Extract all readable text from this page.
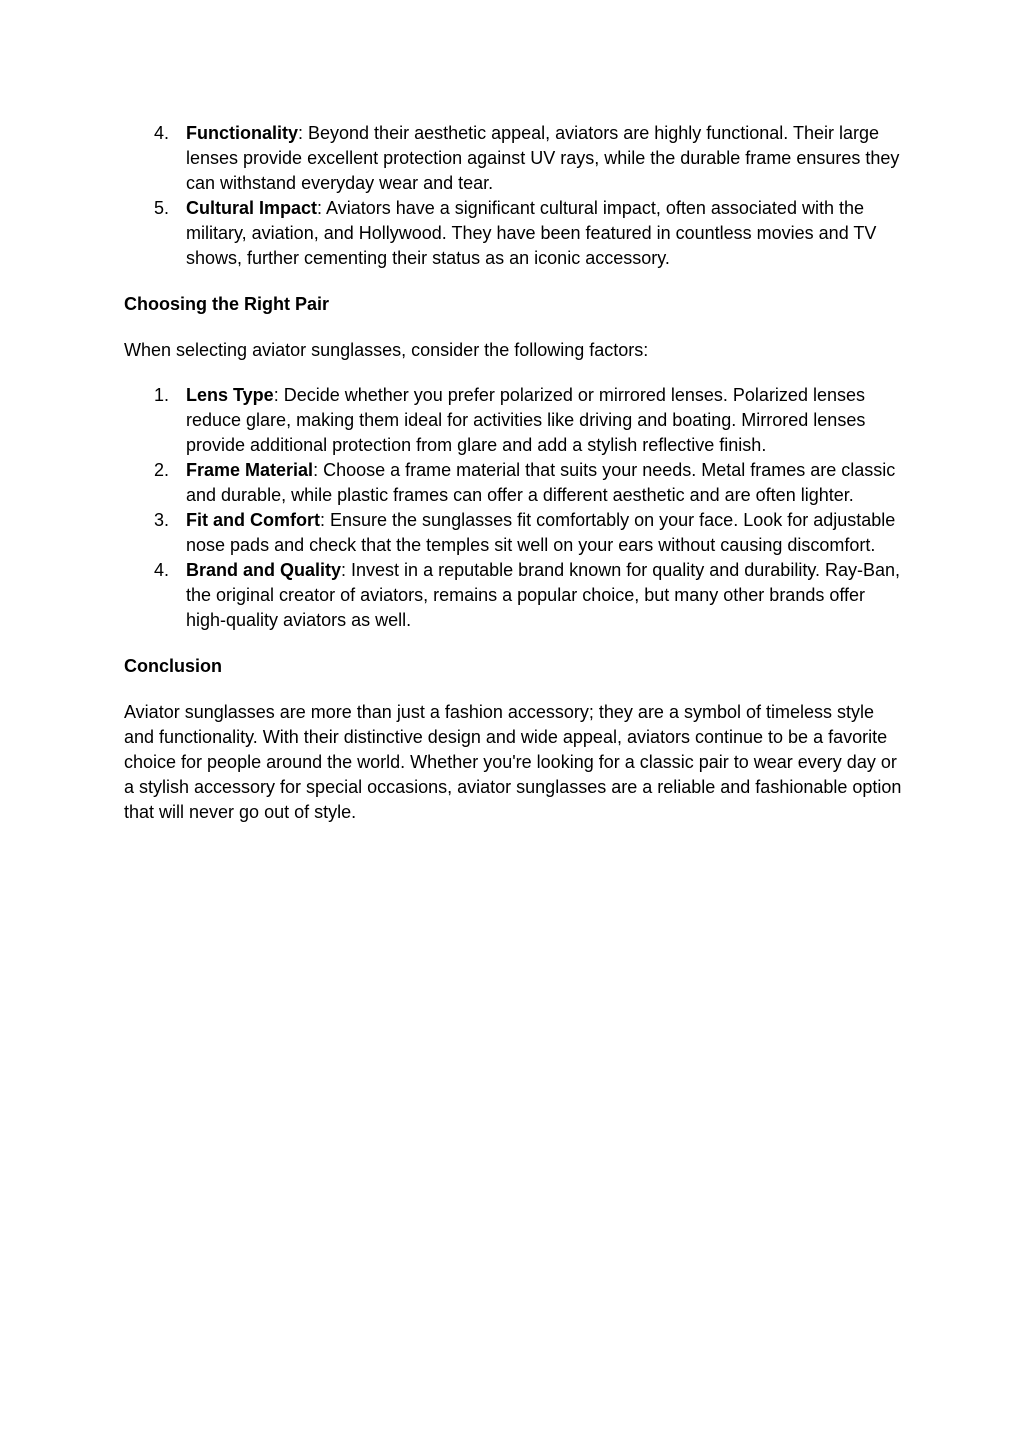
4. Functionality: Beyond their aesthetic appeal, aviators are highly functional. Their large lenses provide excellent protection against UV rays, while the durable frame ensures they can withstand everyday wear and tear.
5. Cultural Impact: Aviators have a significant cultural impact, often associated with the military, aviation, and Hollywood. They have been featured in countless movies and TV shows, further cementing their status as an iconic accessory.
Choosing the Right Pair

When selecting aviator sunglasses, consider the following factors:

1. Lens Type: Decide whether you prefer polarized or mirrored lenses. Polarized lenses reduce glare, making them ideal for activities like driving and boating. Mirrored lenses provide additional protection from glare and add a stylish reflective finish.
2. Frame Material: Choose a frame material that suits your needs. Metal frames are classic and durable, while plastic frames can offer a different aesthetic and are often lighter.
3. Fit and Comfort: Ensure the sunglasses fit comfortably on your face. Look for adjustable nose pads and check that the temples sit well on your ears without causing discomfort.
4. Brand and Quality: Invest in a reputable brand known for quality and durability. Ray-Ban, the original creator of aviators, remains a popular choice, but many other brands offer high-quality aviators as well.
Conclusion

Aviator sunglasses are more than just a fashion accessory; they are a symbol of timeless style and functionality. With their distinctive design and wide appeal, aviators continue to be a favorite choice for people around the world. Whether you're looking for a classic pair to wear every day or a stylish accessory for special occasions, aviator sunglasses are a reliable and fashionable option that will never go out of style.
